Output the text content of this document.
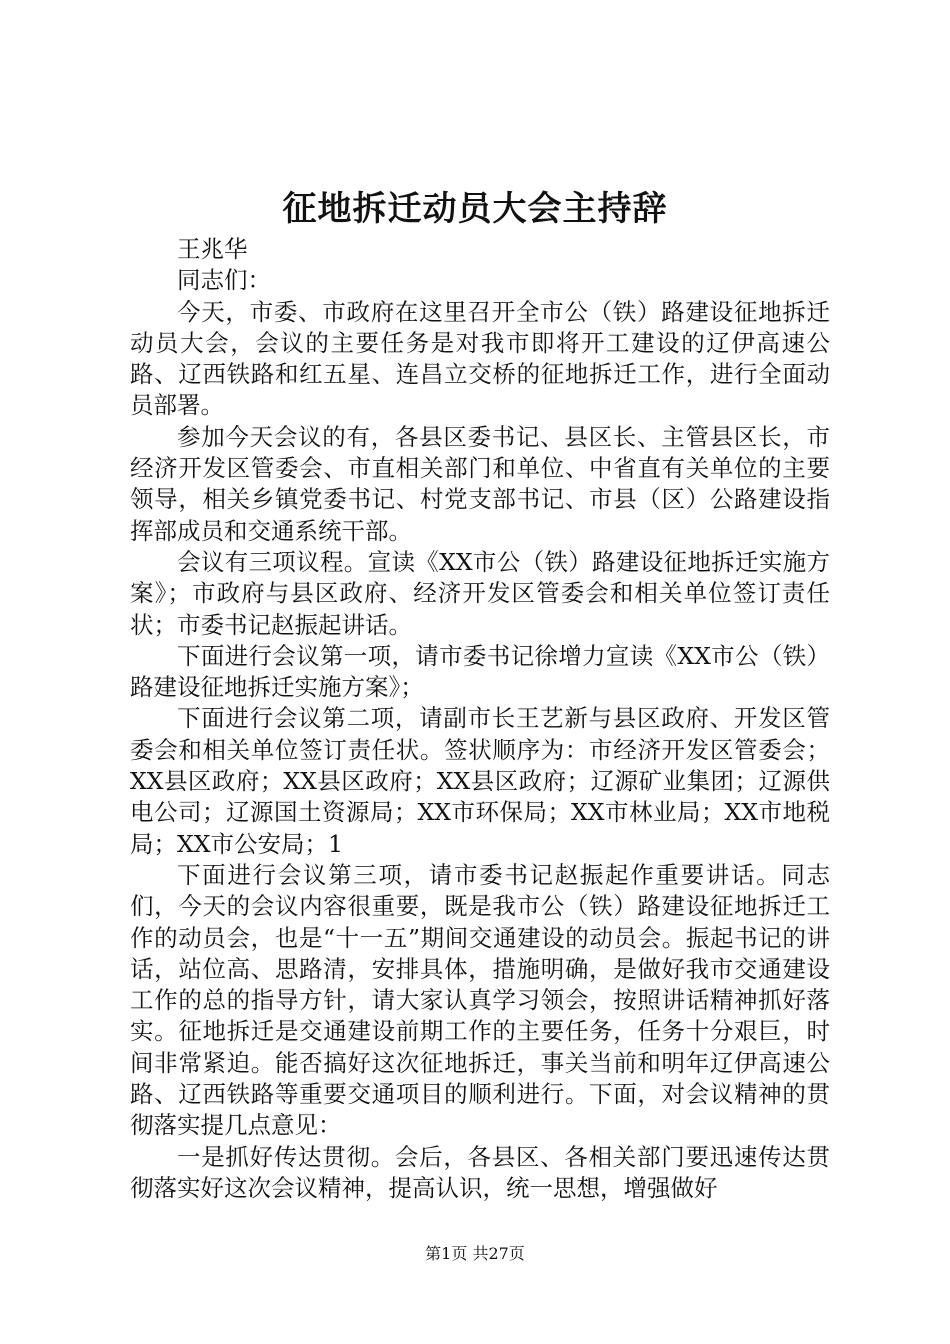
征地拆迁动员大会主持辞

王兆华

同志们：

今天，市委、市政府在这里召开全市公（铁）路建设征地拆迁动员大会，会议的主要任务是对我市即将开工建设的辽伊高速公路、辽西铁路和红五星、连昌立交桥的征地拆迁工作，进行全面动员部署。

参加今天会议的有，各县区委书记、县区长、主管县区长，市经济开发区管委会、市直相关部门和单位、中省直有关单位的主要领导，相关乡镇党委书记、村党支部书记、市县（区）公路建设指挥部成员和交通系统干部。

会议有三项议程。宣读《XX市公（铁）路建设征地拆迁实施方案》；市政府与县区政府、经济开发区管委会和相关单位签订责任状；市委书记赵振起讲话。

下面进行会议第一项，请市委书记徐增力宣读《XX市公（铁）路建设征地拆迁实施方案》；

下面进行会议第二项，请副市长王艺新与县区政府、开发区管委会和相关单位签订责任状。签状顺序为：市经济开发区管委会；XX县区政府；XX县区政府；XX县区政府；辽源矿业集团；辽源供电公司；辽源国土资源局；XX市环保局；XX市林业局；XX市地税局；XX市公安局；1

下面进行会议第三项，请市委书记赵振起作重要讲话。同志们，今天的会议内容很重要，既是我市公（铁）路建设征地拆迁工作的动员会，也是“十一五”期间交通建设的动员会。振起书记的讲话，站位高、思路清，安排具体，措施明确，是做好我市交通建设工作的总的指导方针，请大家认真学习领会，按照讲话精神抓好落实。征地拆迁是交通建设前期工作的主要任务，任务十分艰巨，时间非常紧迫。能否搞好这次征地拆迁，事关当前和明年辽伊高速公路、辽西铁路等重要交通项目的顺利进行。下面，对会议精神的贯彻落实提几点意见：

一是抓好传达贯彻。会后，各县区、各相关部门要迅速传达贯彻落实好这次会议精神，提高认识，统一思想，增强做好

第1页 共27页
